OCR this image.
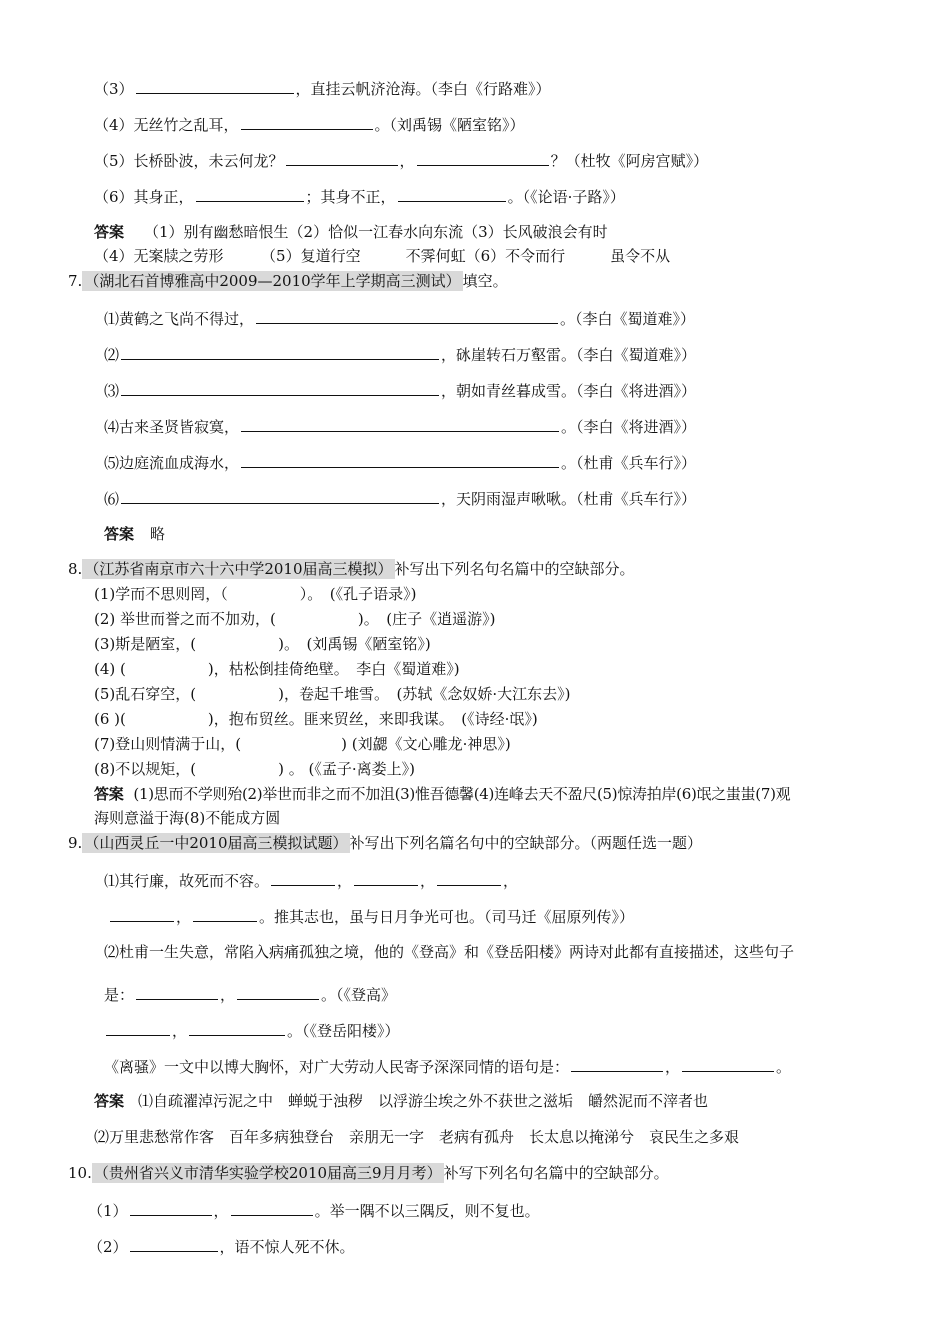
（3）	，直挂云帆济沧海。（李白《行路难》）
（4）无丝竹之乱耳，	。（刘禹锡《陋室铭》）
（5）长桥卧波，未云何龙？	，	？（杜牧《阿房宫赋》）
（6）其身正，	；其身不正，	。（《论语·子路》）
答案 （1）别有幽愁暗恨生（2）恰似一江春水向东流（3）长风破浪会有时
（4）无案牍之劳形　　　（5）复道行空　　　不霁何虹（6）不令而行　　　虽令不从
7. （湖北石首博雅高中2009—2010学年上学期高三测试） 填空。
⑴黄鹤之飞尚不得过，	。（李白《蜀道难》）
⑵	，砯崖转石万壑雷。（李白《蜀道难》）
⑶	，朝如青丝暮成雪。（李白《将进酒》）
⑷古来圣贤皆寂寞，	。（李白《将进酒》）
⑸边庭流血成海水，	。（杜甫《兵车行》）
⑹	，天阴雨湿声啾啾。（杜甫《兵车行》）
答案 略
8. （江苏省南京市六十六中学2010届高三模拟） 补写出下列名句名篇中的空缺部分。
(1)学而不思则罔，（	）。　(《孔子语录》)
(2) 举世而誉之而不加劝，(	)。　(庄子《逍遥游》)
(3)斯是陋室，(	)。　(刘禹锡《陋室铭》)
(4) (	)，枯松倒挂倚绝壁。　李白《蜀道难》)
(5)乱石穿空，(	)，卷起千堆雪。　(苏轼《念奴娇·大江东去》)
(6 )(	)，抱布贸丝。匪来贸丝，来即我谋。　(《诗经·氓》)
(7)登山则情满于山，(	) (刘勰《文心雕龙·神思》)
(8)不以规矩，(	) 。 (《孟子·离娄上》)
答案 (1)思而不学则殆(2)举世而非之而不加沮(3)惟吾德馨(4)连峰去天不盈尺(5)惊涛拍岸(6)氓之蚩蚩(7)观
海则意溢于海(8)不能成方圆
9. （山西灵丘一中2010届高三模拟试题） 补写出下列名篇名句中的空缺部分。（两题任选一题）
⑴其行廉，故死而不容。	，	，	，
，	。推其志也，虽与日月争光可也。（司马迁《屈原列传》）
⑵杜甫一生失意，常陷入病痛孤独之境，他的《登高》和《登岳阳楼》两诗对此都有直接描述，这些句子
是：	，	。（《登高》
，	。（《登岳阳楼》）
《离骚》一文中以博大胸怀，对广大劳动人民寄予深深同情的语句是：	，	。
答案 ⑴自疏濯淖污泥之中　蝉蜕于浊秽　以浮游尘埃之外不获世之滋垢　皭然泥而不滓者也
⑵万里悲愁常作客　百年多病独登台　亲朋无一字　老病有孤舟　长太息以掩涕兮　哀民生之多艰
10. （贵州省兴义市清华实验学校2010届高三9月月考） 补写下列名句名篇中的空缺部分。
（1）	，	。举一隅不以三隅反，则不复也。
（2）	，语不惊人死不休。
